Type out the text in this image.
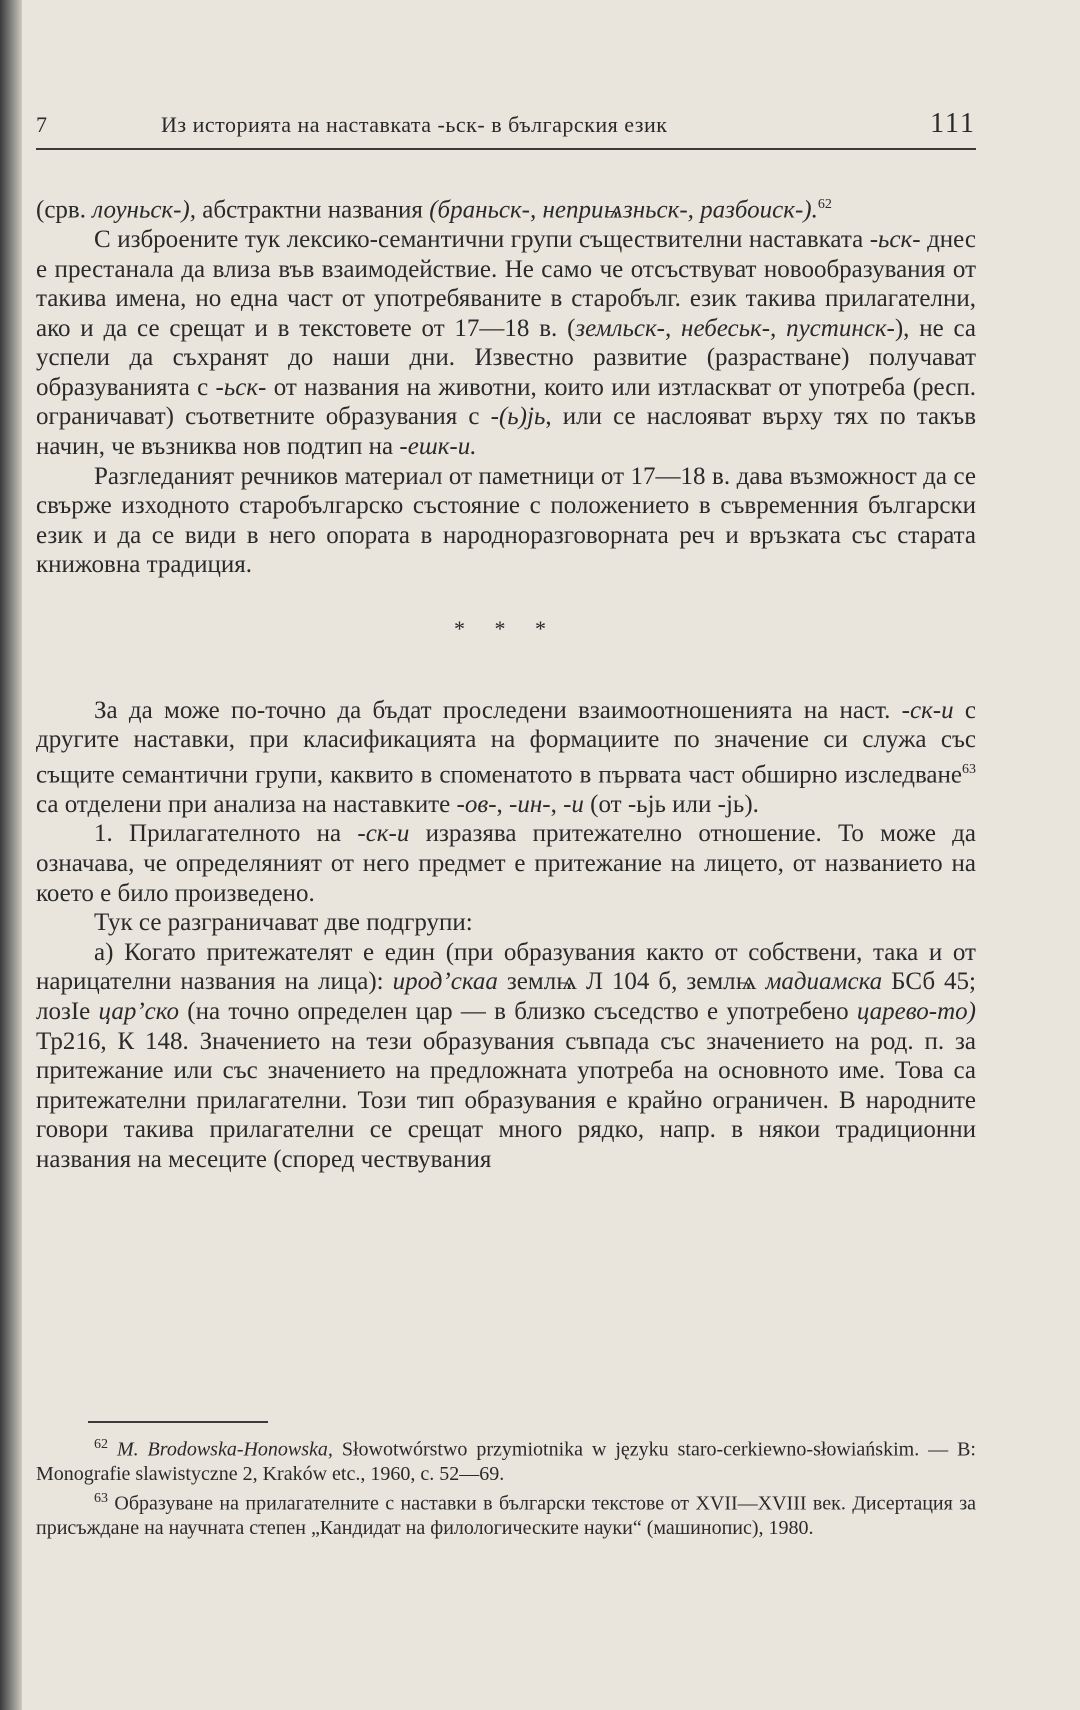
7	Из историята на наставката -ьск- в българския език	111

(срв. лоуньск-), абстрактни названия (браньск-, неприѩзньск-, разбоиск-).$^{62}$

С изброените тук лексико-семантични групи съществителни наставката -ьск- днес е престанала да влиза във взаимодействие. Не само че отсъствуват новообразувания от такива имена, но една част от употребяваните в старобълг. език такива прилагателни, ако и да се срещат и в текстовете от 17—18 в. (земльск-, небеськ-, пустинск-), не са успели да съхранят до наши дни. Известно развитие (разрастване) получават образуванията с -ьск- от названия на животни, които или изтласкват от употреба (респ. ограничават) съответните образувания с -(ь)јь, или се наслояват върху тях по такъв начин, че възниква нов подтип на -ешк-и.

Разгледаният речников материал от паметници от 17—18 в. дава възможност да се свърже изходното старобългарско състояние с положението в съвременния български език и да се види в него опората в народноразговорната реч и връзката със старата книжовна традиция.

* * *

За да може по-точно да бъдат проследени взаимоотношенията на наст. -ск-и с другите наставки, при класификацията на формациите по значение си служа със същите семантични групи, каквито в споменатото в първата част обширно изследване$^{63}$ са отделени при анализа на наставките -ов-, -ин-, -и (от -ьјь или -јь).

1. Прилагателното на -ск-и изразява притежателно отношение. То може да означава, че определяният от него предмет е притежание на лицето, от названието на което е било произведено.

Тук се разграничават две подгрупи:

а) Когато притежателят е един (при образувания както от собствени, така и от нарицателни названия на лица): ирод’скаа землѩ Л 104 б, землѩ мадиамска БСб 45; лозІе цар’ско (на точно определен цар — в близко съседство е употребено царево-то) Тр216, К 148. Значението на тези образувания съвпада със значението на род. п. за притежание или със значението на предложната употреба на основното име. Това са притежателни прилагателни. Този тип образувания е крайно ограничен. В народните говори такива прилагателни се срещат много рядко, напр. в някои традиционни названия на месеците (според чествувания

$^{62}$ M. Brodowska-Honowska, Słowotwórstwo przymiotnika w języku staro-cerkiewno-słowiańskim. — В: Monografie slawistyczne 2, Kraków etc., 1960, с. 52—69.

$^{63}$ Образуване на прилагателните с наставки в български текстове от XVII—XVIII век. Дисертация за присъждане на научната степен „Кандидат на филологическите науки“ (машинопис), 1980.
